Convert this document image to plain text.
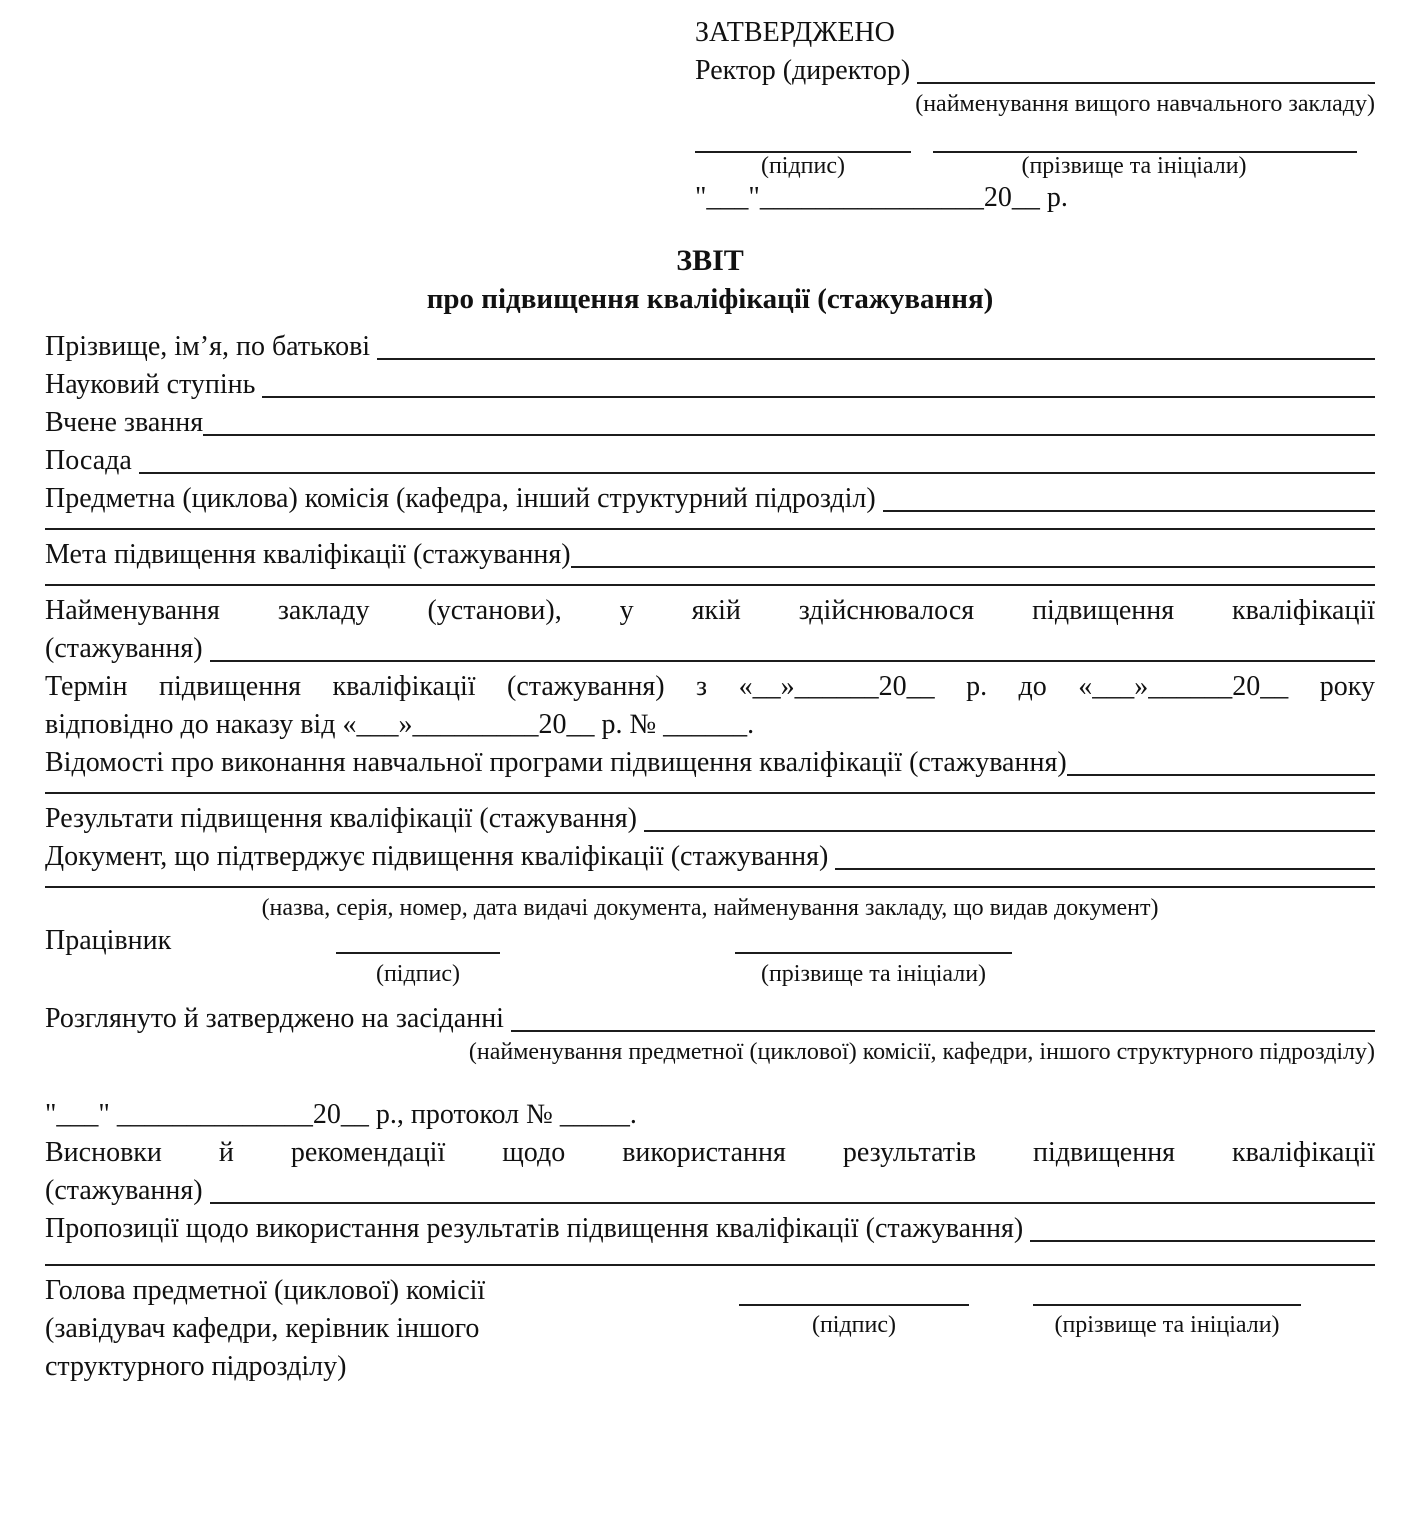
ЗАТВЕРДЖЕНО
Ректор (директор)
(найменування вищого навчального закладу)
(підпис)	(прізвище та ініціали)
"___"________________20__ р.
ЗВІТ
про підвищення кваліфікації (стажування)
Прізвище, ім’я, по батькові
Науковий ступінь
Вчене звання
Посада
Предметна (циклова) комісія (кафедра, інший структурний підрозділ)
Мета підвищення кваліфікації (стажування)
Найменування закладу (установи), у якій здійснювалося підвищення кваліфікації
(стажування)
Термін підвищення кваліфікації (стажування) з «__»______20__ р. до «___»______20__ року
відповідно до наказу від «___»_________20__ р. № ______.
Відомості про виконання навчальної програми підвищення кваліфікації (стажування)
Результати підвищення кваліфікації (стажування)
Документ, що підтверджує підвищення кваліфікації (стажування)
(назва, серія, номер, дата видачі документа, найменування закладу, що видав документ)
Працівник
(підпис)	(прізвище та ініціали)
Розглянуто й затверджено на засіданні
(найменування предметної (циклової) комісії, кафедри, іншого структурного підрозділу)
"___" ______________20__ р., протокол № _____.
Висновки й рекомендації щодо використання результатів підвищення кваліфікації
(стажування)
Пропозиції щодо використання результатів підвищення кваліфікації (стажування)
Голова предметної (циклової) комісії
(завідувач кафедри, керівник іншого
структурного підрозділу)
(підпис)	(прізвище та ініціали)
